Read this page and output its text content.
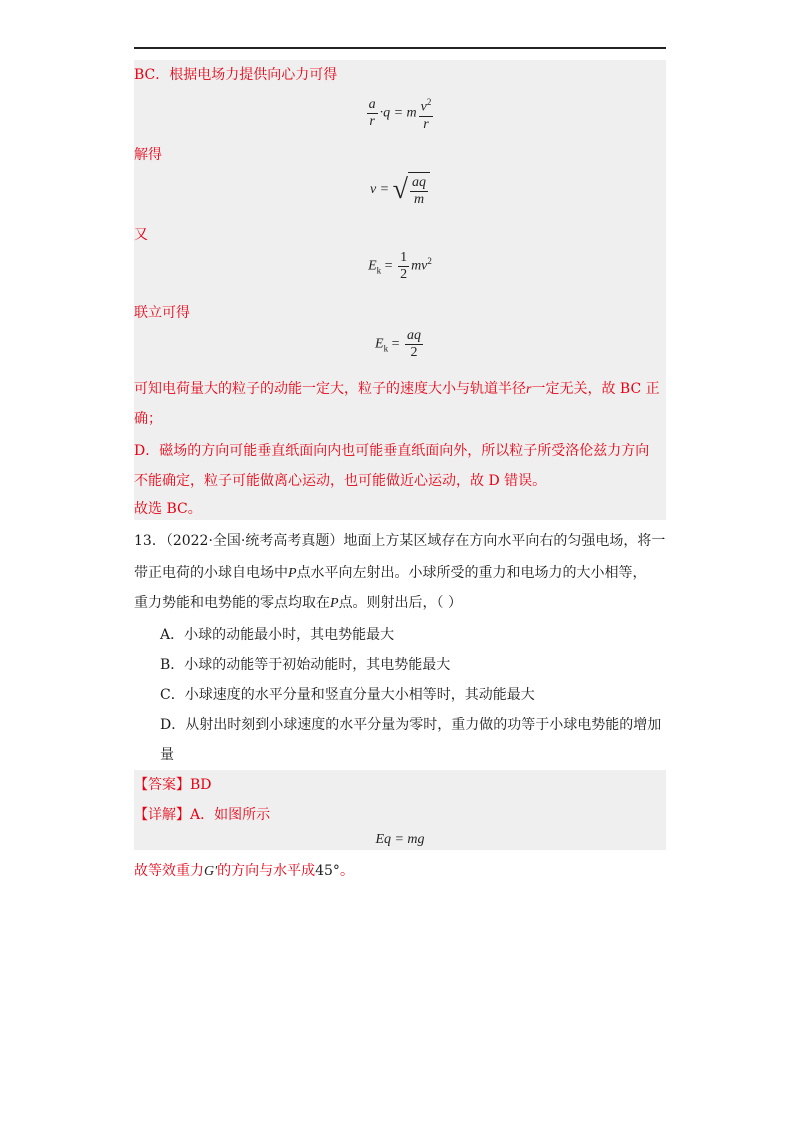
BC．根据电场力提供向心力可得
$\frac{a}{r} \cdot q = m \frac{v^2}{r}$
解得
v = √ $\frac{aq}{m}$
又
$E_k = \frac{1}{2} mv^2$
联立可得
$E_k = \frac{aq}{2}$
可知电荷量大的粒子的动能一定大，粒子的速度大小与轨道半径r一定无关，故 BC 正
确；
D．磁场的方向可能垂直纸面向内也可能垂直纸面向外，所以粒子所受洛伦兹力方向
不能确定，粒子可能做离心运动，也可能做近心运动，故 D 错误。
故选 BC。
13．（2022·全国·统考高考真题）地面上方某区域存在方向水平向右的匀强电场，将一
带正电荷的小球自电场中P点水平向左射出。小球所受的重力和电场力的大小相等，
重力势能和电势能的零点均取在P点。则射出后，（ ）
A．小球的动能最小时，其电势能最大
B．小球的动能等于初始动能时，其电势能最大
C．小球速度的水平分量和竖直分量大小相等时，其动能最大
D．从射出时刻到小球速度的水平分量为零时，重力做的功等于小球电势能的增加
量
【答案】BD
【详解】A．如图所示
Eq = mg
故等效重力G'的方向与水平成45°。
